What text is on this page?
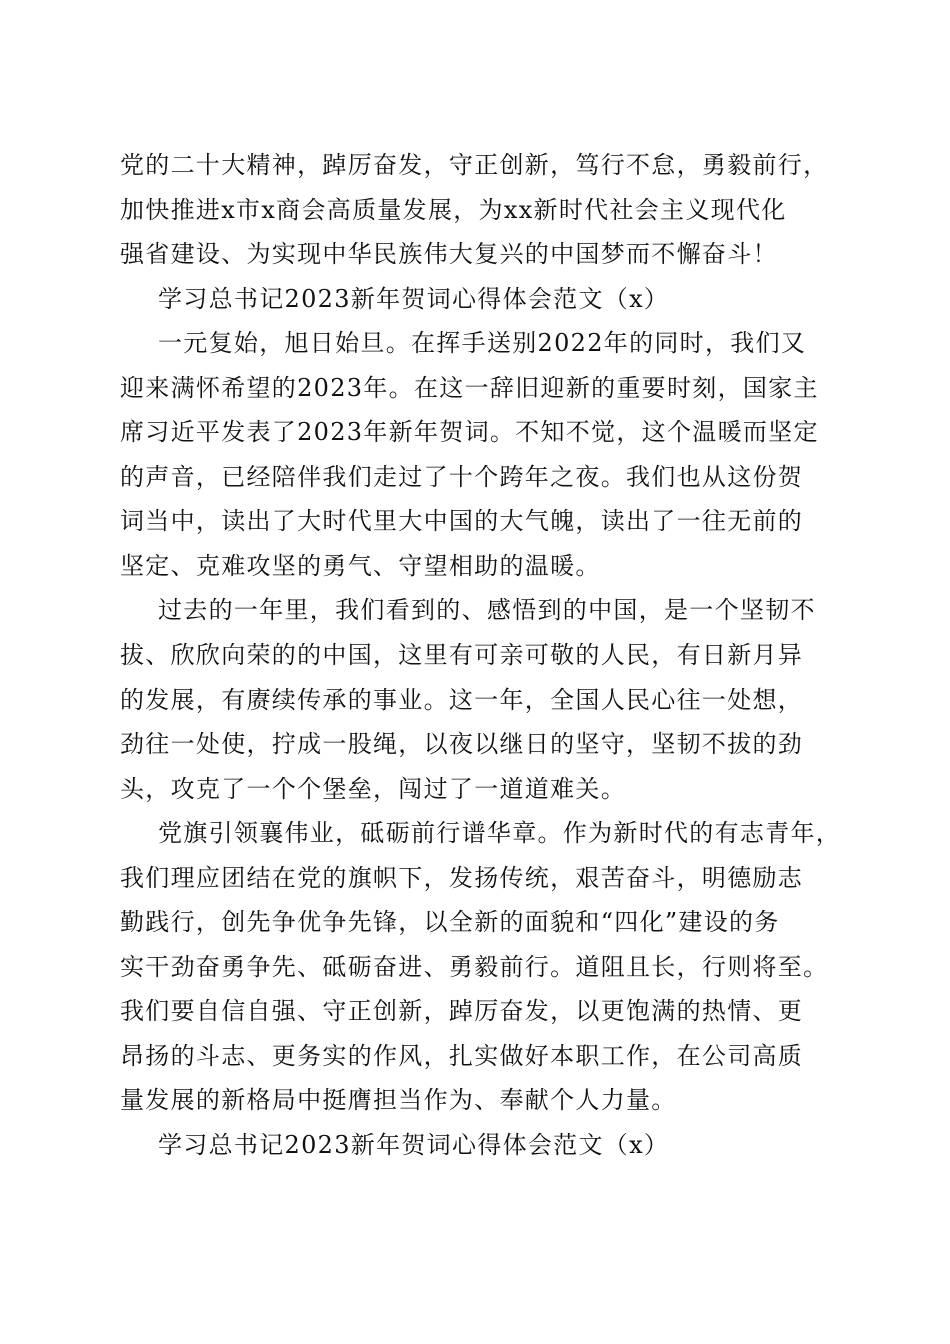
党的二十大精神，踔厉奋发，守正创新，笃行不怠，勇毅前行，
加快推进x市x商会高质量发展，为xx新时代社会主义现代化
强省建设、为实现中华民族伟大复兴的中国梦而不懈奋斗！
学习总书记2023新年贺词心得体会范文（x）
一元复始，旭日始旦。在挥手送别2022年的同时，我们又
迎来满怀希望的2023年。在这一辞旧迎新的重要时刻，国家主
席习近平发表了2023年新年贺词。不知不觉，这个温暖而坚定
的声音，已经陪伴我们走过了十个跨年之夜。我们也从这份贺
词当中，读出了大时代里大中国的大气魄，读出了一往无前的
坚定、克难攻坚的勇气、守望相助的温暖。
过去的一年里，我们看到的、感悟到的中国，是一个坚韧不
拔、欣欣向荣的的中国，这里有可亲可敬的人民，有日新月异
的发展，有赓续传承的事业。这一年，全国人民心往一处想，
劲往一处使，拧成一股绳，以夜以继日的坚守，坚韧不拔的劲
头，攻克了一个个堡垒，闯过了一道道难关。
党旗引领襄伟业，砥砺前行谱华章。作为新时代的有志青年，
我们理应团结在党的旗帜下，发扬传统，艰苦奋斗，明德励志
勤践行，创先争优争先锋，以全新的面貌和“四化”建设的务
实干劲奋勇争先、砥砺奋进、勇毅前行。道阻且长，行则将至。
我们要自信自强、守正创新，踔厉奋发，以更饱满的热情、更
昂扬的斗志、更务实的作风，扎实做好本职工作，在公司高质
量发展的新格局中挺膺担当作为、奉献个人力量。
学习总书记2023新年贺词心得体会范文（x）
